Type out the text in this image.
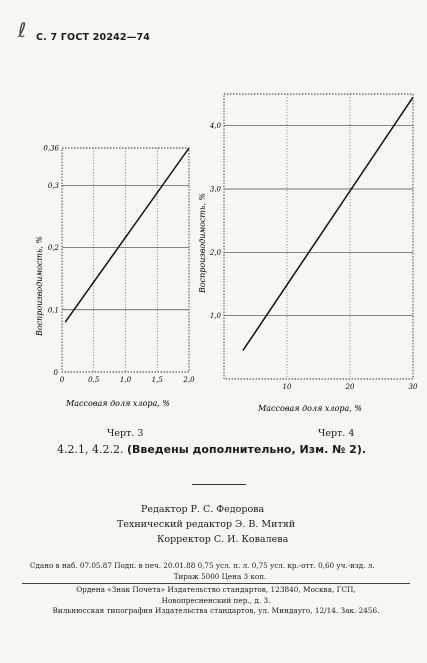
ℓ С. 7 ГОСТ 20242—74
0	0,5	1,0	1,5	2,0
0,1
0,2
0,3
0,36
0
Воспроизводимость, %
Массовая доля хлора, %
10	20	30
1,0
2,0
3,0
4,0
Воспроизводимость, %
Массовая доля хлора, %
Черт. 3	Черт. 4
4.2.1, 4.2.2. (Введены дополнительно, Изм. № 2).
Редактор Р. С. Федорова
Технический редактор Э. В. Митяй
Корректор С. И. Ковалева
Сдано в наб. 07.05.87 Подп. в печ. 20.01.88 0,75 усл. п. л. 0,75 усл. кр.-отт. 0,60 уч.-изд. л.
Тираж 5000 Цена 3 коп.
Ордена «Знак Почета» Издательство стандартов, 123840, Москва, ГСП,
Новопресненский пер., д. 3.
Вильнюсская типография Издательства стандартов, ул. Миндауго, 12/14. Зак. 2456.
